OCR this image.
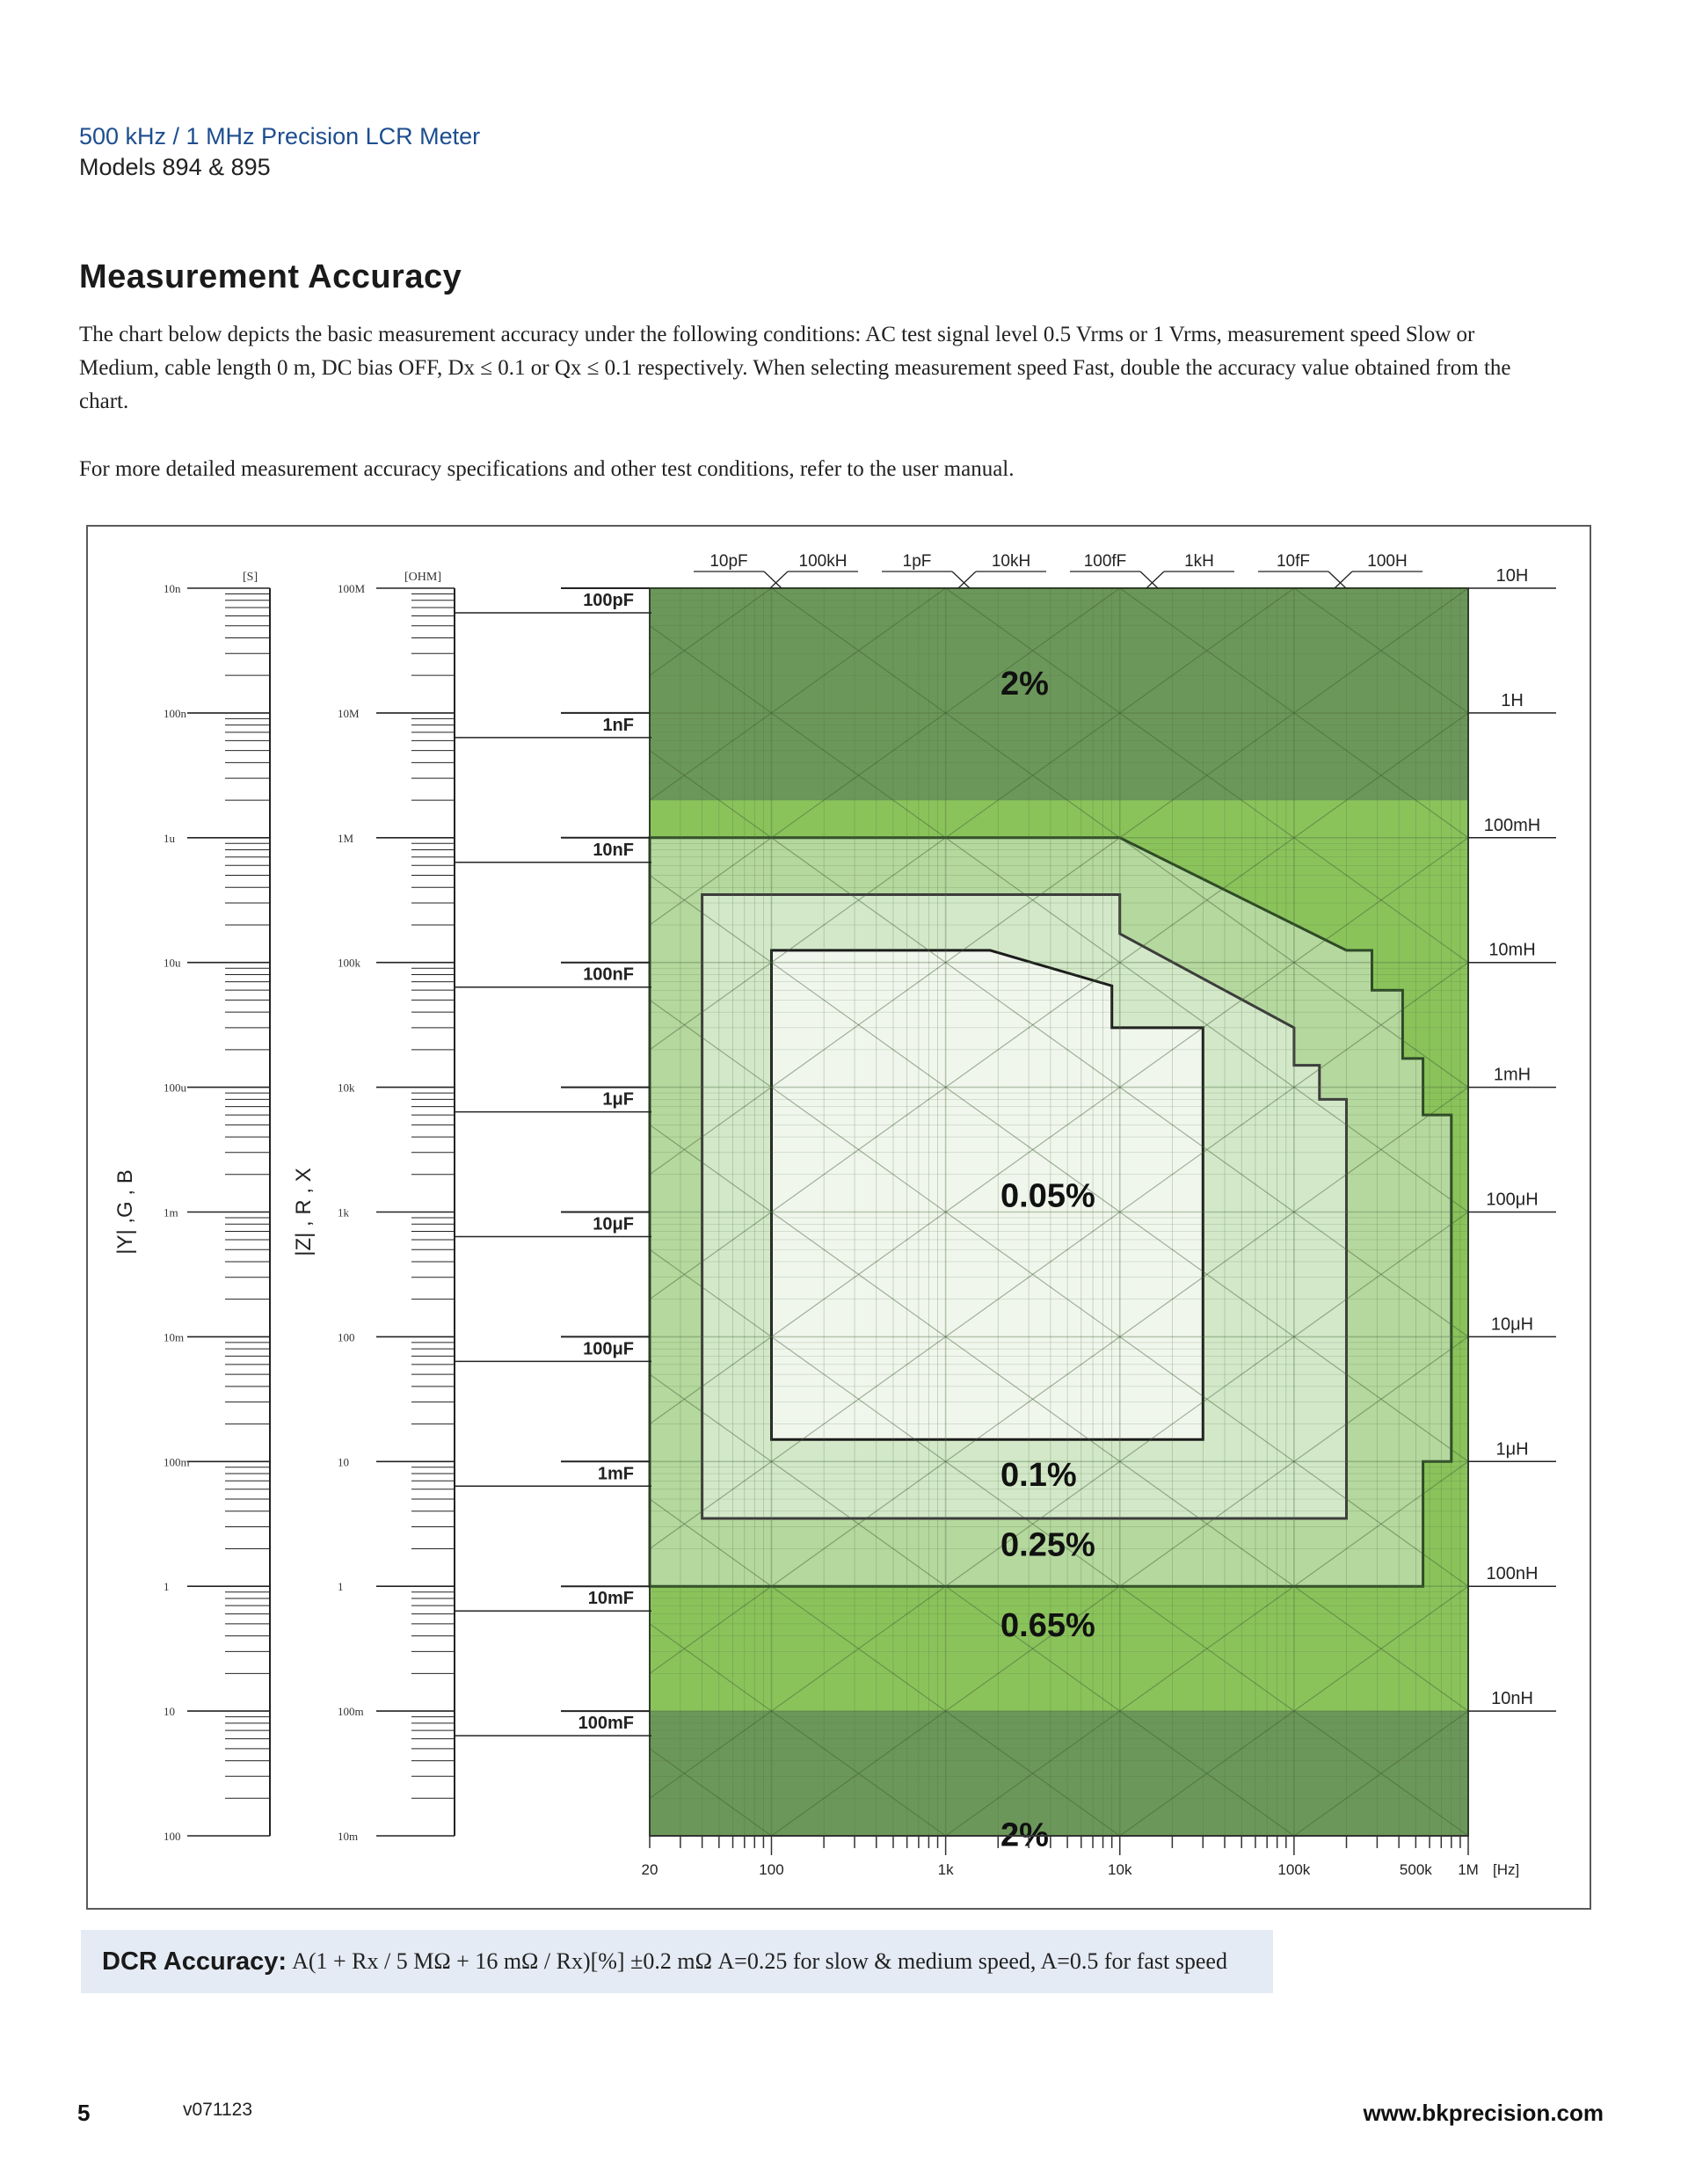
500 kHz / 1 MHz Precision LCR Meter
Models 894 & 895
Measurement Accuracy
The chart below depicts the basic measurement accuracy under the following conditions: AC test signal level 0.5 Vrms or 1 Vrms, measurement speed Slow or Medium, cable length 0 m, DC bias OFF, Dx ≤ 0.1 or Qx ≤ 0.1 respectively. When selecting measurement speed Fast, double the accuracy value obtained from the chart.
For more detailed measurement accuracy specifications and other test conditions, refer to the user manual.
2%
0.05%
0.1%
0.25%
0.65%
2%
20	100	1k	10k	100k	500k 1M [Hz]
10n
100n
1u
10u
100u
1m
10m
100m
1
10
100
[S]
|Y| ,G , B
100M
10M
1M
100k
10k
1k
100
10
1
100m
10m
[OHM]
|Z| , R , X
100pF
1nF
10nF
100nF
1μF
10μF
100μF
1mF
10mF
100mF
10H
1H
100mH
10mH
1mH
100μH
10μH
1μH
100nH
10nH
10pF	100kH	1pF	10kH	100fF	1kH	10fF	100H
DCR Accuracy: A(1 + Rx / 5 MΩ + 16 mΩ / Rx)[%] ±0.2 mΩ A=0.25 for slow & medium speed, A=0.5 for fast speed
5	v071123	www.bkprecision.com
